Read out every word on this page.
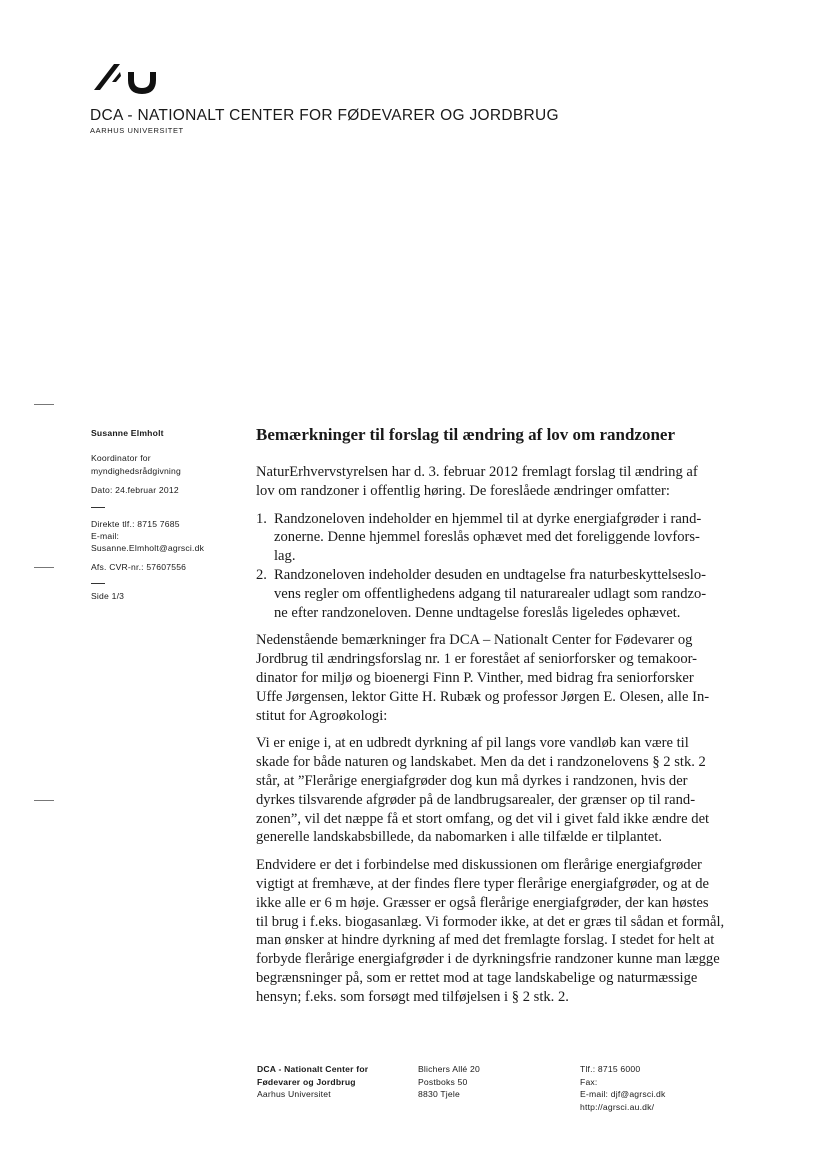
DCA - NATIONALT CENTER FOR FØDEVARER OG JORDBRUG
AARHUS UNIVERSITET
Susanne Elmholt
Koordinator for
myndighedsrådgivning
Dato: 24.februar 2012
Direkte tlf.: 8715 7685
E-mail:
Susanne.Elmholt@agrsci.dk
Afs. CVR-nr.: 57607556
Side 1/3
Bemærkninger til forslag til ændring af lov om randzoner

NaturErhvervstyrelsen har d. 3. februar 2012 fremlagt forslag til ændring af
lov om randzoner i offentlig høring. De foreslåede ændringer omfatter:

1. Randzoneloven indeholder en hjemmel til at dyrke energiafgrøder i rand-
zonerne. Denne hjemmel foreslås ophævet med det foreliggende lovfors-
lag.
2. Randzoneloven indeholder desuden en undtagelse fra naturbeskyttelseslo-
vens regler om offentlighedens adgang til naturarealer udlagt som randzo-
ne efter randzoneloven. Denne undtagelse foreslås ligeledes ophævet.

Nedenstående bemærkninger fra DCA – Nationalt Center for Fødevarer og
Jordbrug til ændringsforslag nr. 1 er forestået af seniorforsker og temakoor-
dinator for miljø og bioenergi Finn P. Vinther, med bidrag fra seniorforsker
Uffe Jørgensen, lektor Gitte H. Rubæk og professor Jørgen E. Olesen, alle In-
stitut for Agroøkologi:

Vi er enige i, at en udbredt dyrkning af pil langs vore vandløb kan være til
skade for både naturen og landskabet. Men da det i randzonelovens § 2 stk. 2
står, at ”Flerårige energiafgrøder dog kun må dyrkes i randzonen, hvis der
dyrkes tilsvarende afgrøder på de landbrugsarealer, der grænser op til rand-
zonen”, vil det næppe få et stort omfang, og det vil i givet fald ikke ændre det
generelle landskabsbillede, da nabomarken i alle tilfælde er tilplantet.

Endvidere er det i forbindelse med diskussionen om flerårige energiafgrøder
vigtigt at fremhæve, at der findes flere typer flerårige energiafgrøder, og at de
ikke alle er 6 m høje. Græsser er også flerårige energiafgrøder, der kan høstes
til brug i f.eks. biogasanlæg. Vi formoder ikke, at det er græs til sådan et formål,
man ønsker at hindre dyrkning af med det fremlagte forslag. I stedet for helt at
forbyde flerårige energiafgrøder i de dyrkningsfrie randzoner kunne man lægge
begrænsninger på, som er rettet mod at tage landskabelige og naturmæssige
hensyn; f.eks. som forsøgt med tilføjelsen i § 2 stk. 2.

DCA - Nationalt Center for
Fødevarer og Jordbrug
Aarhus Universitet
Blichers Allé 20
Postboks 50
8830 Tjele
Tlf.: 8715 6000
Fax:
E-mail: djf@agrsci.dk
http://agrsci.au.dk/
